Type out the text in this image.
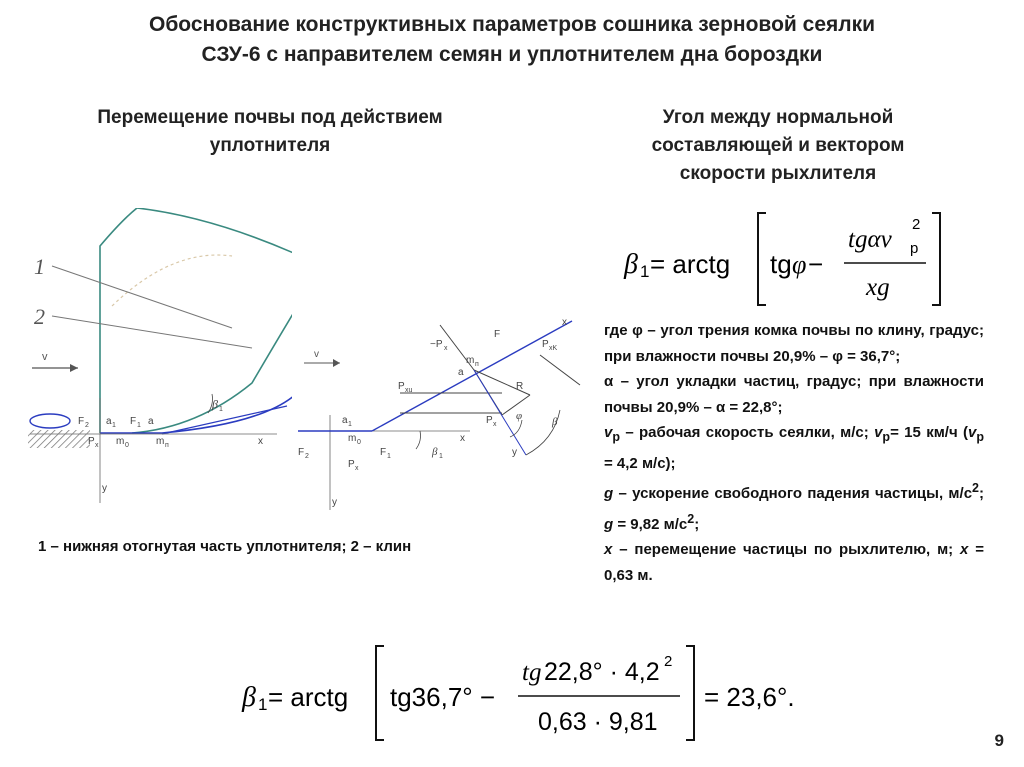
Обоснование конструктивных параметров сошника зерновой сеялки
СЗУ-6 с направителем семян и уплотнителем дна бороздки
Перемещение почвы под действием
уплотнителя
Угол между нормальной
составляющей и вектором
скорости рыхлителя
β 1 = arctg tg φ −
tgαv р
2
xg

где φ – угол трения комка почвы по клину, градус; при влажности почвы 20,9% – φ = 36,7°;

α – угол укладки частиц, градус; при влажности почвы 20,9% – α = 22,8°;

$v_р$ – рабочая скорость сеялки, м/с; $v_р= 15$ км/ч ($v_р = 4,2$ м/с);

g – ускорение свободного падения частицы, $м/с^2$; g = 9,82 $м/с^2$;

x – перемещение частицы по рыхлителю, м; x = 0,63 м.

1
2
v
F 2	F 1
a 1	a
P x m 0	m п	x
y
β 1
v
−P x
F
x
P xK
m п
a
P xu	R
P x
φ	β
y
a 1
m 0
F 2
P x
F 1	β 1
y
x
1 – нижняя отогнутая часть уплотнителя; 2 – клин
β 1 = arctg tg36,7° −
tg 22,8° · 4,2 2
0,63 · 9,81
= 23,6°.
9
